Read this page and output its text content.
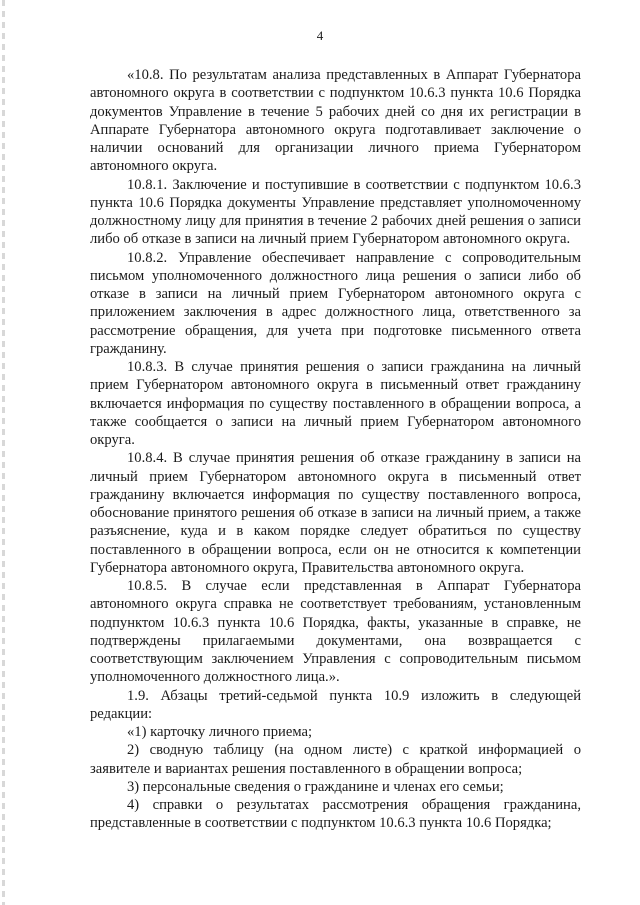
4

«10.8. По результатам анализа представленных в Аппарат Губернатора автономного округа в соответствии с подпунктом 10.6.3 пункта 10.6 Порядка документов Управление в течение 5 рабочих дней со дня их регистрации в Аппарате Губернатора автономного округа подготавливает заключение о наличии оснований для организации личного приема Губернатором автономного округа.

10.8.1. Заключение и поступившие в соответствии с подпунктом 10.6.3 пункта 10.6 Порядка документы Управление представляет уполномоченному должностному лицу для принятия в течение 2 рабочих дней решения о записи либо об отказе в записи на личный прием Губернатором автономного округа.

10.8.2. Управление обеспечивает направление с сопроводительным письмом уполномоченного должностного лица решения о записи либо об отказе в записи на личный прием Губернатором автономного округа с приложением заключения в адрес должностного лица, ответственного за рассмотрение обращения, для учета при подготовке письменного ответа гражданину.

10.8.3. В случае принятия решения о записи гражданина на личный прием Губернатором автономного округа в письменный ответ гражданину включается информация по существу поставленного в обращении вопроса, а также сообщается о записи на личный прием Губернатором автономного округа.

10.8.4. В случае принятия решения об отказе гражданину в записи на личный прием Губернатором автономного округа в письменный ответ гражданину включается информация по существу поставленного вопроса, обоснование принятого решения об отказе в записи на личный прием, а также разъяснение, куда и в каком порядке следует обратиться по существу поставленного в обращении вопроса, если он не относится к компетенции Губернатора автономного округа, Правительства автономного округа.

10.8.5. В случае если представленная в Аппарат Губернатора автономного округа справка не соответствует требованиям, установленным подпунктом 10.6.3 пункта 10.6 Порядка, факты, указанные в справке, не подтверждены прилагаемыми документами, она возвращается с соответствующим заключением Управления с сопроводительным письмом уполномоченного должностного лица.».

1.9. Абзацы третий-седьмой пункта 10.9 изложить в следующей редакции:

«1) карточку личного приема;

2) сводную таблицу (на одном листе) с краткой информацией о заявителе и вариантах решения поставленного в обращении вопроса;

3) персональные сведения о гражданине и членах его семьи;

4) справки о результатах рассмотрения обращения гражданина, представленные в соответствии с подпунктом 10.6.3 пункта 10.6 Порядка;
